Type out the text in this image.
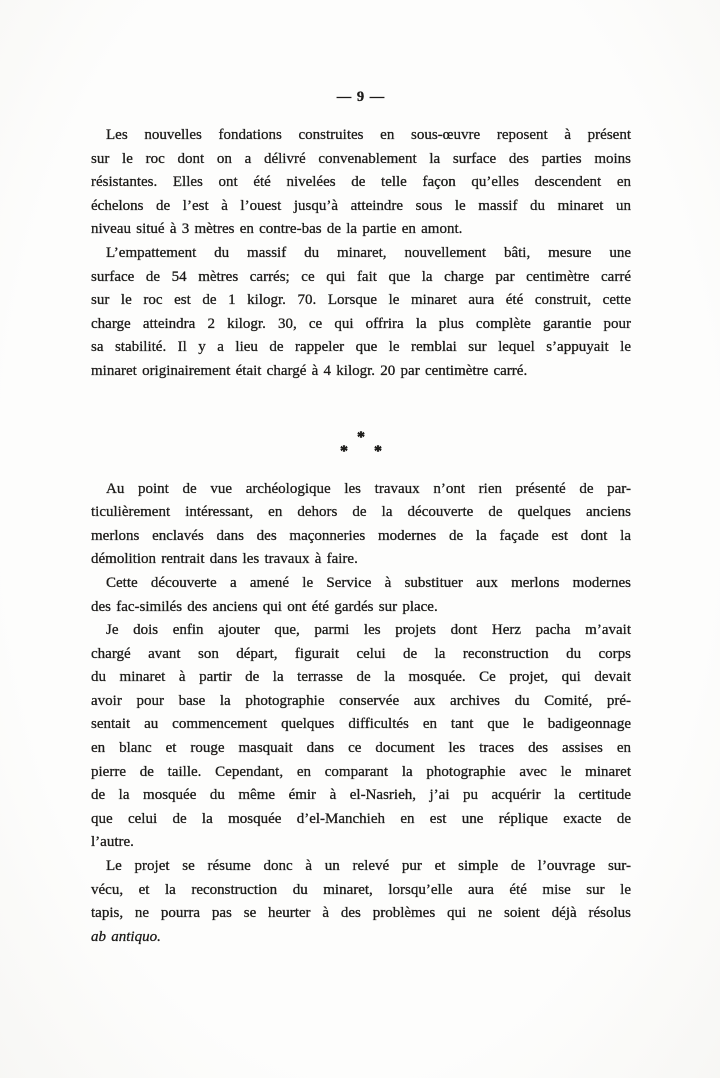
— 9 —

Les nouvelles fondations construites en sous-œuvre reposent à présent

sur le roc dont on a délivré convenablement la surface des parties moins

résistantes. Elles ont été nivelées de telle façon qu’elles descendent en

échelons de l’est à l’ouest jusqu’à atteindre sous le massif du minaret un

niveau situé à 3 mètres en contre-bas de la partie en amont.

L’empattement du massif du minaret, nouvellement bâti, mesure une

surface de 54 mètres carrés; ce qui fait que la charge par centimètre carré

sur le roc est de 1 kilogr. 70. Lorsque le minaret aura été construit, cette

charge atteindra 2 kilogr. 30, ce qui offrira la plus complète garantie pour

sa stabilité. Il y a lieu de rappeler que le remblai sur lequel s’appuyait le

minaret originairement était chargé à 4 kilogr. 20 par centimètre carré.

*
* *

Au point de vue archéologique les travaux n’ont rien présenté de par-

ticulièrement intéressant, en dehors de la découverte de quelques anciens

merlons enclavés dans des maçonneries modernes de la façade est dont la

démolition rentrait dans les travaux à faire.

Cette découverte a amené le Service à substituer aux merlons modernes

des fac-similés des anciens qui ont été gardés sur place.

Je dois enfin ajouter que, parmi les projets dont Herz pacha m’avait

chargé avant son départ, figurait celui de la reconstruction du corps

du minaret à partir de la terrasse de la mosquée. Ce projet, qui devait

avoir pour base la photographie conservée aux archives du Comité, pré-

sentait au commencement quelques difficultés en tant que le badigeonnage

en blanc et rouge masquait dans ce document les traces des assises en

pierre de taille. Cependant, en comparant la photographie avec le minaret

de la mosquée du même émir à el-Nasrieh, j’ai pu acquérir la certitude

que celui de la mosquée d’el-Manchieh en est une réplique exacte de

l’autre.

Le projet se résume donc à un relevé pur et simple de l’ouvrage sur-

vécu, et la reconstruction du minaret, lorsqu’elle aura été mise sur le

tapis, ne pourra pas se heurter à des problèmes qui ne soient déjà résolus

ab antiquo.
